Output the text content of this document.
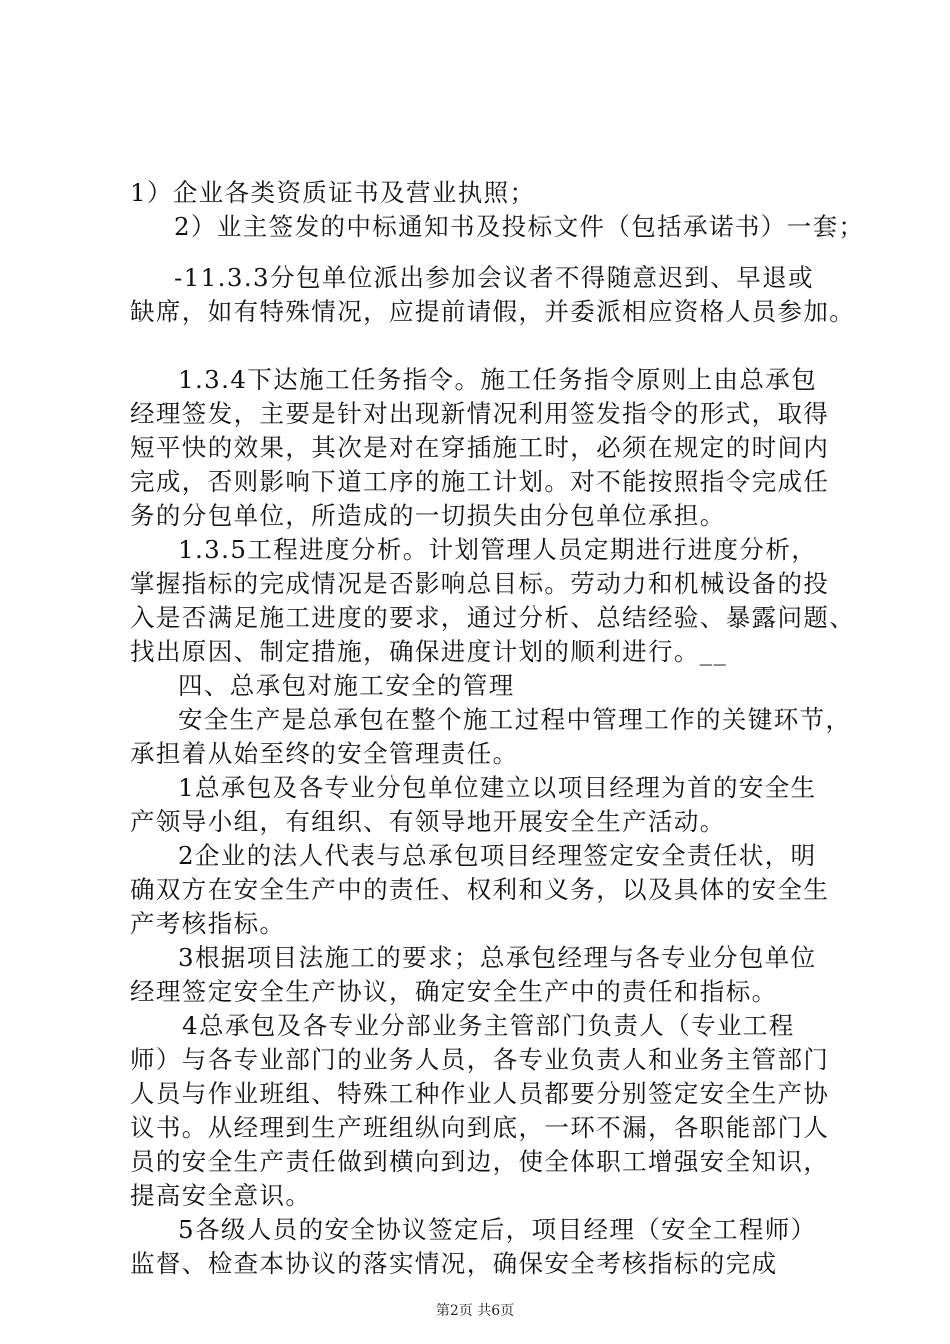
1）企业各类资质证书及营业执照；
2）业主签发的中标通知书及投标文件（包括承诺书）一套；
-11.3.3分包单位派出参加会议者不得随意迟到、早退或
缺席，如有特殊情况，应提前请假，并委派相应资格人员参加。
1.3.4下达施工任务指令。施工任务指令原则上由总承包
经理签发，主要是针对出现新情况利用签发指令的形式，取得
短平快的效果，其次是对在穿插施工时，必须在规定的时间内
完成，否则影响下道工序的施工计划。对不能按照指令完成任
务的分包单位，所造成的一切损失由分包单位承担。
1.3.5工程进度分析。计划管理人员定期进行进度分析，
掌握指标的完成情况是否影响总目标。劳动力和机械设备的投
入是否满足施工进度的要求，通过分析、总结经验、暴露问题、
找出原因、制定措施，确保进度计划的顺利进行。__
四、总承包对施工安全的管理
安全生产是总承包在整个施工过程中管理工作的关键环节，
承担着从始至终的安全管理责任。
1总承包及各专业分包单位建立以项目经理为首的安全生
产领导小组，有组织、有领导地开展安全生产活动。
2企业的法人代表与总承包项目经理签定安全责任状，明
确双方在安全生产中的责任、权利和义务，以及具体的安全生
产考核指标。
3根据项目法施工的要求；总承包经理与各专业分包单位
经理签定安全生产协议，确定安全生产中的责任和指标。
4总承包及各专业分部业务主管部门负责人（专业工程
师）与各专业部门的业务人员，各专业负责人和业务主管部门
人员与作业班组、特殊工种作业人员都要分别签定安全生产协
议书。从经理到生产班组纵向到底，一环不漏，各职能部门人
员的安全生产责任做到横向到边，使全体职工增强安全知识，
提高安全意识。
5各级人员的安全协议签定后，项目经理（安全工程师）
监督、检查本协议的落实情况，确保安全考核指标的完成
第2页 共6页
